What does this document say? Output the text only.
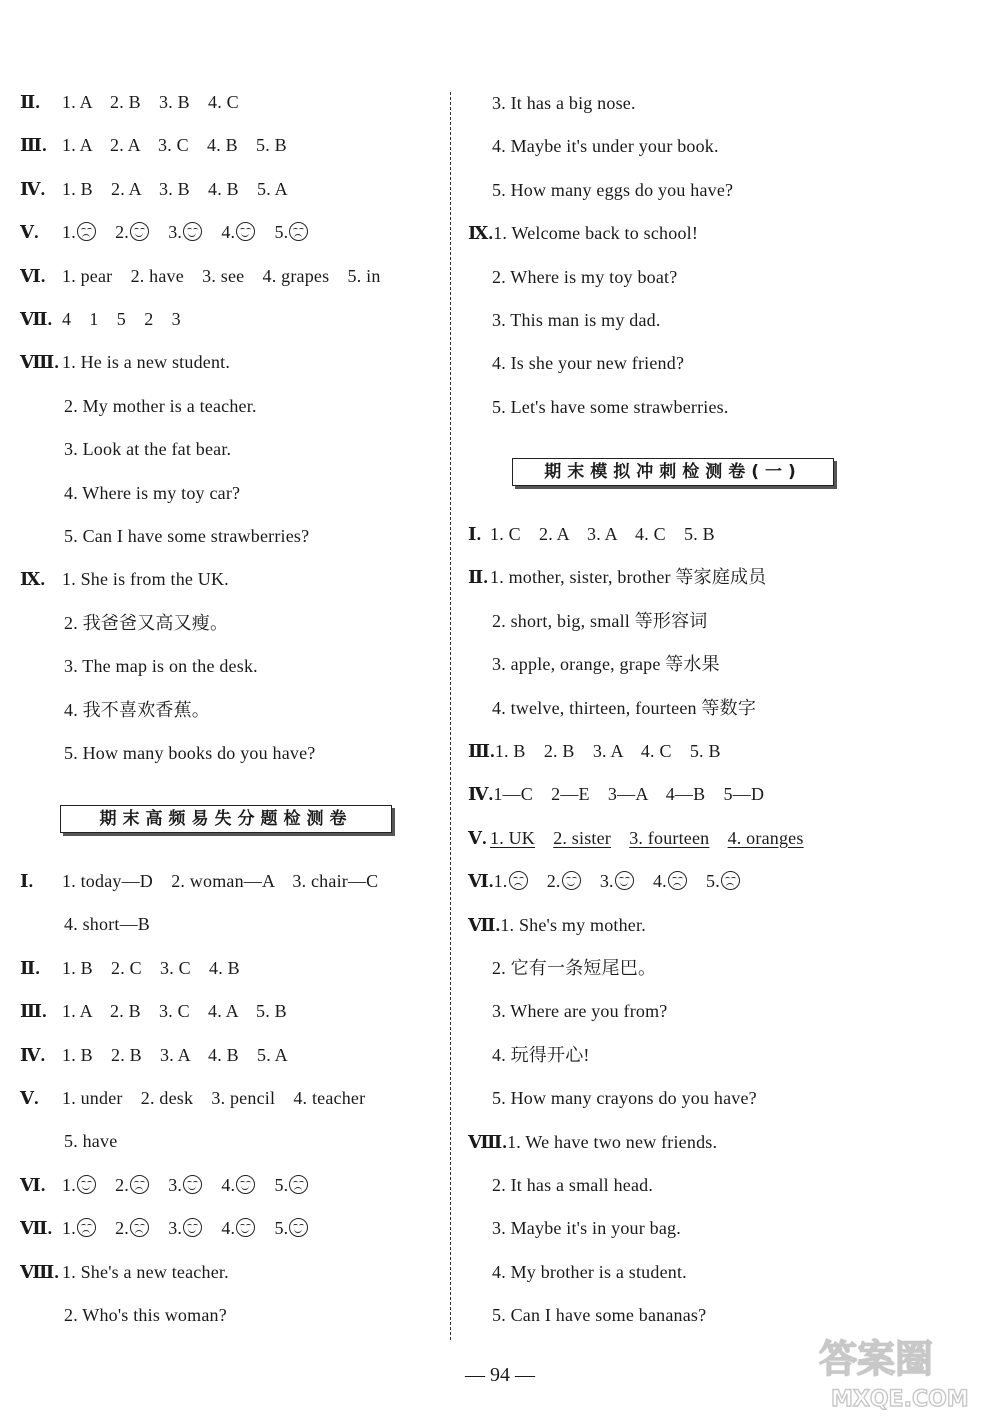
Ⅱ. 1. A　2. B　3. B　4. C
Ⅲ. 1. A　2. A　3. C　4. B　5. B
Ⅳ. 1. B　2. A　3. B　4. B　5. A
Ⅴ. 1.
　 2.
　 3.
　 4.
　 5.
Ⅵ. 1. pear　2. have　3. see　4. grapes　5. in
Ⅶ. 4　1　5　2　3
Ⅷ. 1. He is a new student.
2. My mother is a teacher.
3. Look at the fat bear.
4. Where is my toy car?
5. Can I have some strawberries?
Ⅸ. 1. She is from the UK.
2. 我爸爸又高又瘦。
3. The map is on the desk.
4. 我不喜欢香蕉。
5. How many books do you have?
Ⅰ. 1. today—D　2. woman—A　3. chair—C
4. short—B
Ⅱ. 1. B　2. C　3. C　4. B
Ⅲ. 1. A　2. B　3. C　4. A　5. B
Ⅳ. 1. B　2. B　3. A　4. B　5. A
Ⅴ. 1. under　2. desk　3. pencil　4. teacher
5. have
Ⅵ. 1.
　 2.
　 3.
　 4.
　 5.
Ⅶ. 1.
　 2.
　 3.
　 4.
　 5.
Ⅷ. 1. She's a new teacher.
2. Who's this woman?
3. It has a big nose.
4. Maybe it's under your book.
5. How many eggs do you have?
Ⅸ.1. Welcome back to school!
2. Where is my toy boat?
3. This man is my dad.
4. Is she your new friend?
5. Let's have some strawberries.
Ⅰ. 1. C　2. A　3. A　4. C　5. B
Ⅱ. 1. mother, sister, brother 等家庭成员
2. short, big, small 等形容词
3. apple, orange, grape 等水果
4. twelve, thirteen, fourteen 等数字
Ⅲ.1. B　2. B　3. A　4. C　5. B
Ⅳ.1—C　2—E　3—A　4—B　5—D
Ⅴ. 1. UK　 2. sister　 3. fourteen　 4. oranges
Ⅵ.1.
　 2.
　 3.
　 4.
　 5.
Ⅶ.1. She's my mother.
2. 它有一条短尾巴。
3. Where are you from?
4. 玩得开心!
5. How many crayons do you have?
Ⅷ.1. We have two new friends.
2. It has a small head.
3. Maybe it's in your bag.
4. My brother is a student.
5. Can I have some bananas?
期末高频易失分题检测卷
期末模拟冲刺检测卷(一)
— 94 —	答案圈
MXQE.COM
